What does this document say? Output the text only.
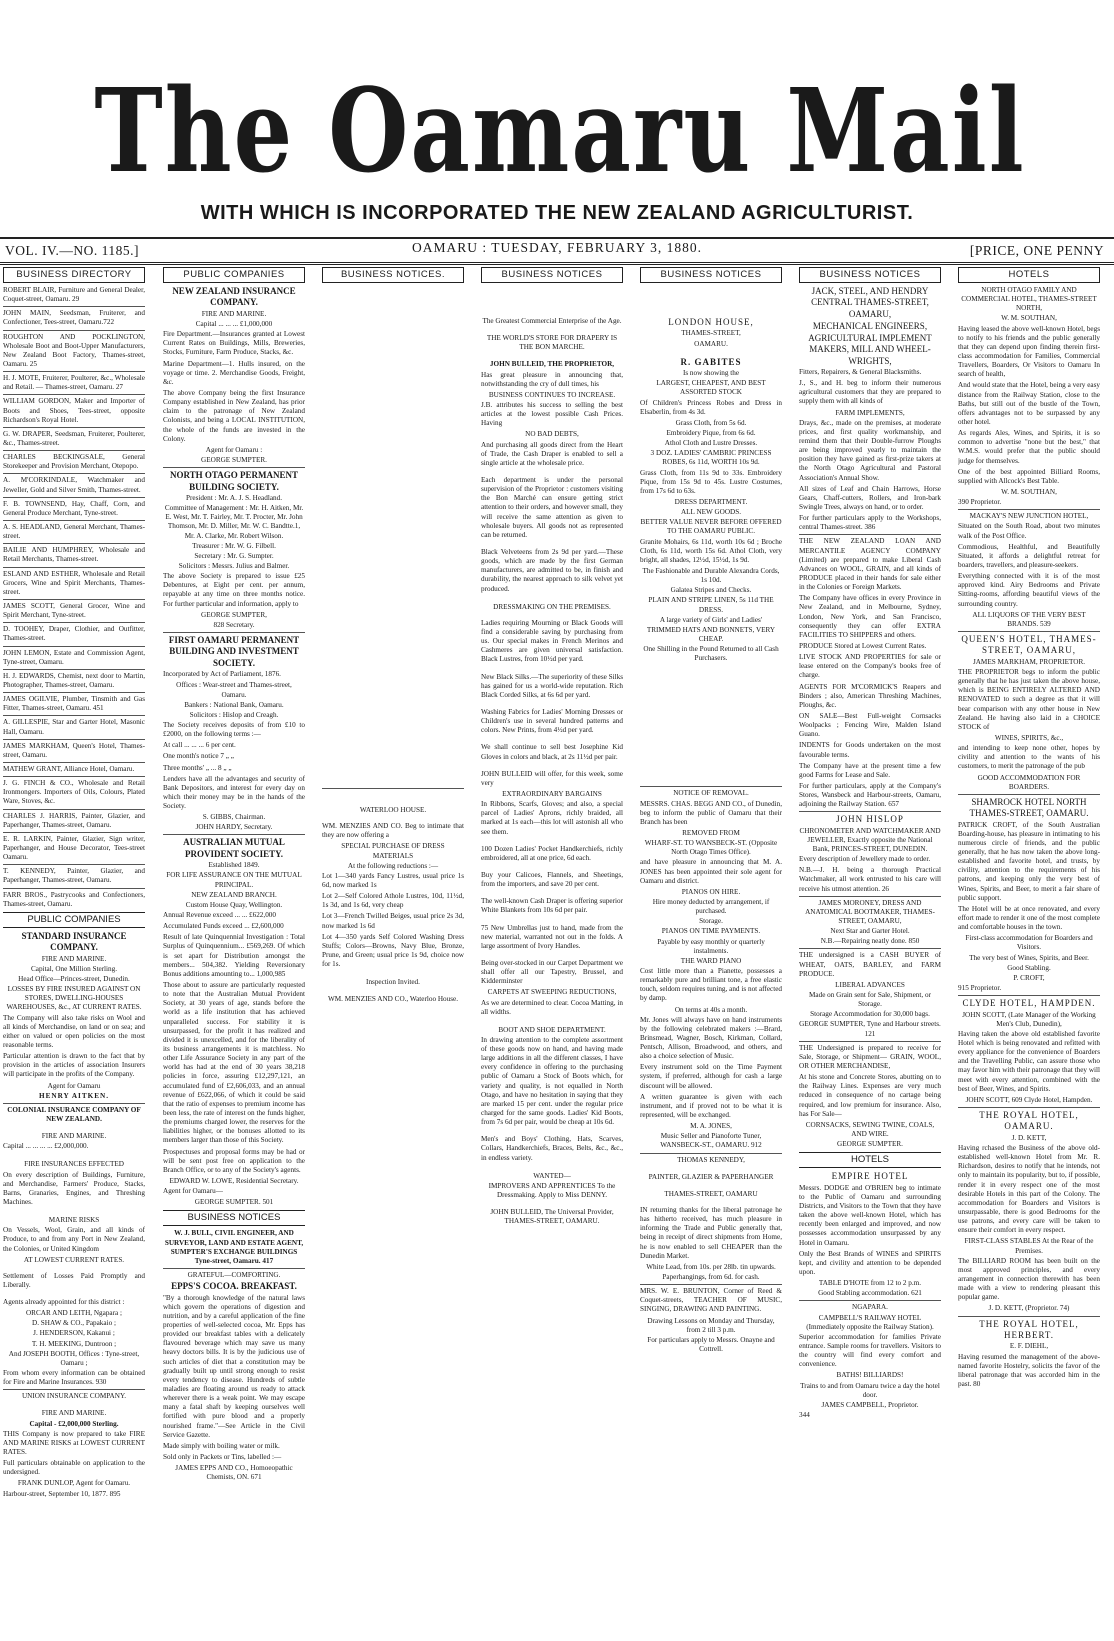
The Oamaru Mail
WITH WHICH IS INCORPORATED THE NEW ZEALAND AGRICULTURIST.
VOL. IV.—NO. 1185.]	OAMARU : TUESDAY, FEBRUARY 3, 1880.	[PRICE, ONE PENNY
BUSINESS DIRECTORY
ROBERT BLAIR, Furniture and General Dealer, Coquet-street, Oamaru. 29
JOHN MAIN, Seedsman, Fruiterer, and Confectioner, Tees-street, Oamaru.722
ROUGHTON AND POCKLINGTON, Wholesale Boot and Boot-Upper Manufacturers, New Zealand Boot Factory, Thames-street, Oamaru. 25
H. J. MOTE, Fruiterer, Poulterer, &c., Wholesale and Retail. — Thames-street, Oamaru. 27
WILLIAM GORDON, Maker and Importer of Boots and Shoes, Tees-street, opposite Richardson's Royal Hotel.
G. W. DRAPER, Seedsman, Fruiterer, Poulterer, &c., Thames-street.
CHARLES BECKINGSALE, General Storekeeper and Provision Merchant, Otepopo.
A. M'CORKINDALE, Watchmaker and Jeweller, Gold and Silver Smith, Thames-street.
F. B. TOWNSEND, Hay, Chaff, Corn, and General Produce Merchant, Tyne-street.
A. S. HEADLAND, General Merchant, Thames-street.
BAILIE AND HUMPHREY, Wholesale and Retail Merchants, Thames-street.
ESLAND AND ESTHER, Wholesale and Retail Grocers, Wine and Spirit Merchants, Thames-street.
JAMES SCOTT, General Grocer, Wine and Spirit Merchant, Tyne-street.
D. TOOHEY, Draper, Clothier, and Outfitter, Thames-street.
JOHN LEMON, Estate and Commission Agent, Tyne-street, Oamaru.
H. J. EDWARDS, Chemist, next door to Martin, Photographer, Thames-street, Oamaru.
JAMES OGILVIE, Plumber, Tinsmith and Gas Fitter, Thames-street, Oamaru. 451
A. GILLESPIE, Star and Garter Hotel, Masonic Hall, Oamaru.
JAMES MARKHAM, Queen's Hotel, Thames-street, Oamaru.
MATHEW GRANT, Alliance Hotel, Oamaru.
J. G. FINCH & CO., Wholesale and Retail Ironmongers. Importers of Oils, Colours, Plated Ware, Stoves, &c.
CHARLES J. HARRIS, Painter, Glazier, and Paperhanger, Thames-street, Oamaru.
E. R. LARKIN, Painter, Glazier, Sign writer, Paperhanger, and House Decorator, Tees-street Oamaru.
T. KENNEDY, Painter, Glazier, and Paperhanger, Thames-street, Oamaru.
FARR BROS., Pastrycooks and Confectioners, Thames-street, Oamaru.
PUBLIC COMPANIES
STANDARD INSURANCE COMPANY.
FIRE AND MARINE.
Capital, One Million Sterling.
Head Office—Princes-street, Dunedin.
LOSSES BY FIRE INSURED AGAINST ON STORES, DWELLING-HOUSES WAREHOUSES, &c., AT CURRENT RATES.
The Company will also take risks on Wool and all kinds of Merchandise, on land or on sea; and either on valued or open policies on the most reasonable terms.
Particular attention is drawn to the fact that by provision in the articles of association Insurers will participate in the profits of the Company.
Agent for Oamaru
HENRY AITKEN.
COLONIAL INSURANCE COMPANY OF NEW ZEALAND.
FIRE AND MARINE.
Capital ... ... ... ... £2,000,000.
FIRE INSURANCES EFFECTED
On every description of Buildings, Furniture, and Merchandise, Farmers' Produce, Stacks, Barns, Granaries, Engines, and Threshing Machines.
MARINE RISKS
On Vessels, Wool, Grain, and all kinds of Produce, to and from any Port in New Zealand, the Colonies, or United Kingdom
AT LOWEST CURRENT RATES.
Settlement of Losses Paid Promptly and Liberally.
Agents already appointed for this district :
ORCAR AND LEITH, Ngapara ;
D. SHAW & CO., Papakaio ;
J. HENDERSON, Kakanui ;
T. H. MEEKING, Duntroon ;
And JOSEPH BOOTH, Offices : Tyne-street, Oamaru ;
From whom every information can be obtained for Fire and Marine Insurances. 930
UNION INSURANCE COMPANY.
FIRE AND MARINE.
Capital - £2,000,000 Sterling.
THIS Company is now prepared to take FIRE AND MARINE RISKS at LOWEST CURRENT RATES.
Full particulars obtainable on application to the undersigned.
FRANK DUNLOP, Agent for Oamaru.
Harbour-street, September 10, 1877. 895
PUBLIC COMPANIES
NEW ZEALAND INSURANCE COMPANY.
FIRE AND MARINE.
Capital ... ... ... £1,000,000
Fire Department.—Insurances granted at Lowest Current Rates on Buildings, Mills, Breweries, Stocks, Furniture, Farm Produce, Stacks, &c.
Marine Department—1. Hulls insured, on the voyage or time. 2. Merchandise Goods, Freight, &c.
The above Company being the first Insurance Company established in New Zealand, has prior claim to the patronage of New Zealand Colonists, and being a LOCAL INSTITUTION, the whole of the funds are invested in the Colony.
Agent for Oamaru :
GEORGE SUMPTER.
NORTH OTAGO PERMANENT BUILDING SOCIETY.
President : Mr. A. J. S. Headland.
Committee of Management : Mr. H. Aitken, Mr. E. West, Mr. T. Fairley, Mr. T. Procter, Mr. John Thomson, Mr. D. Miller, Mr. W. C. Bandtte.1, Mr. A. Clarke, Mr. Robert Wilson.
Treasurer : Mr. W. G. Filbell.
Secretary : Mr. G. Sumpter.
Solicitors : Messrs. Julius and Balmer.
The above Society is prepared to issue £25 Debentures, at Eight per cent. per annum, repayable at any time on three months notice. For further particular and information, apply to
GEORGE SUMPTER,
828 Secretary.
FIRST OAMARU PERMANENT BUILDING AND INVESTMENT SOCIETY.
Incorporated by Act of Parliament, 1876.
Offices : Wear-street and Thames-street, Oamaru.
Bankers : National Bank, Oamaru.
Solicitors : Hislop and Creagh.
The Society receives deposits of from £10 to £2000, on the following terms :—
At call ... ... ... 6 per cent.
One month's notice 7 „ „
Three months' „ ... 8 „ „
Lenders have all the advantages and security of Bank Depositors, and interest for every day on which their money may be in the hands of the Society.
S. GIBBS, Chairman.
JOHN HARDY, Secretary.
AUSTRALIAN MUTUAL PROVIDENT SOCIETY.
Established 1849.
FOR LIFE ASSURANCE ON THE MUTUAL PRINCIPAL.
NEW ZEALAND BRANCH.
Custom House Quay, Wellington.
Annual Revenue exceed ... ... £622,000
Accumulated Funds exceed ... £2,600,000
Result of late Quinquennial Investigation : Total Surplus of Quinquennium... £569,269. Of which is set apart for Distribution amongst the members... 504,382. Yielding Reversionary Bonus additions amounting to... 1,000,985
Those about to assure are particularly requested to note that the Australian Mutual Provident Society, at 30 years of age, stands before the world as a life institution that has achieved unparalleled success. For stability it is unsurpassed, for the profit it has realized and divided it is unexcelled, and for the liberality of its business arrangements it is matchless. No other Life Assurance Society in any part of the world has had at the end of 30 years 38,218 policies in force, assuring £12,297,121, an accumulated fund of £2,606,033, and an annual revenue of £622,066, of which it could be said that the ratio of expenses to premium income has been less, the rate of interest on the funds higher, the premiums charged lower, the reserves for the liabilities higher, or the bonuses allotted to its members larger than those of this Society.
Prospectuses and proposal forms may be had or will be sent post free on application to the Branch Office, or to any of the Society's agents.
EDWARD W. LOWE, Residential Secretary.
Agent for Oamaru—
GEORGE SUMPTER. 501
BUSINESS NOTICES
W. J. BULL, CIVIL ENGINEER, AND SURVEYOR, LAND AND ESTATE AGENT, SUMPTER'S EXCHANGE BUILDINGS Tyne-street, Oamaru. 417
GRATEFUL—COMFORTING.
EPPS'S COCOA. BREAKFAST.
"By a thorough knowledge of the natural laws which govern the operations of digestion and nutrition, and by a careful application of the fine properties of well-selected cocoa, Mr. Epps has provided our breakfast tables with a delicately flavoured beverage which may save us many heavy doctors bills. It is by the judicious use of such articles of diet that a constitution may be gradually built up until strong enough to resist every tendency to disease. Hundreds of subtle maladies are floating around us ready to attack wherever there is a weak point. We may escape many a fatal shaft by keeping ourselves well fortified with pure blood and a properly nourished frame."—See Article in the Civil Service Gazette.
Made simply with boiling water or milk.
Sold only in Packets or Tins, labelled :—
JAMES EPPS AND CO., Homoeopathic Chemists, ON. 671
BUSINESS NOTICES.
WATERLOO HOUSE.
WM. MENZIES AND CO. Beg to intimate that they are now offering a
SPECIAL PURCHASE OF DRESS MATERIALS
At the following reductions :—
Lot 1—340 yards Fancy Lustres, usual price 1s 6d, now marked 1s
Lot 2—Self Colored Athole Lustres, 10d, 11½d, 1s 3d, and 1s 6d, very cheap
Lot 3—French Twilled Beiges, usual price 2s 3d, now marked 1s 6d
Lot 4—350 yards Self Colored Washing Dress Stuffs; Colors—Browns, Navy Blue, Bronze, Prune, and Green; usual price 1s 9d, choice now for 1s.
Inspection Invited.
WM. MENZIES AND CO., Waterloo House.
BUSINESS NOTICES
The Greatest Commercial Enterprise of the Age.
THE WORLD'S STORE FOR DRAPERY IS THE BON MARCHE.
JOHN BULLEID, THE PROPRIETOR,
Has great pleasure in announcing that, notwithstanding the cry of dull times, his
BUSINESS CONTINUES TO INCREASE.
J.B. attributes his success to selling the best articles at the lowest possible Cash Prices. Having
NO BAD DEBTS,
And purchasing all goods direct from the Heart of Trade, the Cash Draper is enabled to sell a single article at the wholesale price.
Each department is under the personal supervision of the Proprietor : customers visiting the Bon Marché can ensure getting strict attention to their orders, and however small, they will receive the same attention as given to wholesale buyers. All goods not as represented can be returned.
Black Velveteens from 2s 9d per yard.—These goods, which are made by the first German manufacturers, are admitted to be, in finish and durability, the nearest approach to silk velvet yet produced.
DRESSMAKING ON THE PREMISES.
Ladies requiring Mourning or Black Goods will find a considerable saving by purchasing from us. Our special makes in French Merinos and Cashmeres are given universal satisfaction. Black Lustres, from 10½d per yard.
New Black Silks.—The superiority of these Silks has gained for us a world-wide reputation. Rich Black Corded Silks, at 6s 6d per yard.
Washing Fabrics for Ladies' Morning Dresses or Children's use in several hundred patterns and colors. New Prints, from 4½d per yard.
We shall continue to sell best Josephine Kid Gloves in colors and black, at 2s 11½d per pair.
JOHN BULLEID will offer, for this week, some very
EXTRAORDINARY BARGAINS
In Ribbons, Scarfs, Gloves; and also, a special parcel of Ladies' Aprons, richly braided, all marked at 1s each—this lot will astonish all who see them.
100 Dozen Ladies' Pocket Handkerchiefs, richly embroidered, all at one price, 6d each.
Buy your Calicoes, Flannels, and Sheetings, from the importers, and save 20 per cent.
The well-known Cash Draper is offering superior White Blankets from 10s 6d per pair.
75 New Umbrellas just to hand, made from the new material, warranted not out in the folds. A large assortment of Ivory Handles.
Being over-stocked in our Carpet Department we shall offer all our Tapestry, Brussel, and Kidderminster
CARPETS AT SWEEPING REDUCTIONS,
As we are determined to clear. Cocoa Matting, in all widths.
BOOT AND SHOE DEPARTMENT.
In drawing attention to the complete assortment of these goods now on hand, and having made large additions in all the different classes, I have every confidence in offering to the purchasing public of Oamaru a Stock of Boots which, for variety and quality, is not equalled in North Otago, and have no hesitation in saying that they are marked 15 per cent. under the regular price charged for the same goods. Ladies' Kid Boots, from 7s 6d per pair, would be cheap at 10s 6d.
Men's and Boys' Clothing, Hats, Scarves, Collars, Handkerchiefs, Braces, Belts, &c., &c., in endless variety.
WANTED—
IMPROVERS AND APPRENTICES To the Dressmaking. Apply to Miss DENNY.
JOHN BULLEID, The Universal Provider, THAMES-STREET, OAMARU.
BUSINESS NOTICES
LONDON HOUSE,
THAMES-STREET,
OAMARU.
R. GABITES
Is now showing the
LARGEST, CHEAPEST, AND BEST ASSORTED STOCK
Of Children's Princess Robes and Dress in Elsaberlin, from 4s 3d.
Grass Cloth, from 5s 6d.
Embroidery Pique, from 6s 6d.
Athol Cloth and Lustre Dresses.
3 DOZ. LADIES' CAMBRIC PRINCESS ROBES, 6s 11d, WORTH 10s 9d.
Grass Cloth, from 11s 9d to 33s. Embroidery Pique, from 15s 9d to 45s. Lustre Costumes, from 17s 6d to 63s.
DRESS DEPARTMENT.
ALL NEW GOODS.
BETTER VALUE NEVER BEFORE OFFERED TO THE OAMARU PUBLIC.
Granite Mohairs, 6s 11d, worth 10s 6d ; Broche Cloth, 6s 11d, worth 15s 6d. Athol Cloth, very bright, all shades, 12½d, 15½d, 1s 9d.
The Fashionable and Durable Alexandra Cords, 1s 10d.
Galatea Stripes and Checks.
PLAIN AND STRIPE LINEN, 5s 11d THE DRESS.
A large variety of Girls' and Ladies'
TRIMMED HATS AND BONNETS, VERY CHEAP.
One Shilling in the Pound Returned to all Cash Purchasers.
NOTICE OF REMOVAL.
MESSRS. CHAS. BEGG AND CO., of Dunedin, beg to inform the public of Oamaru that their Branch has been
REMOVED FROM
WHARF-ST. TO WANSBECK-ST. (Opposite North Otago Times Office).
and have pleasure in announcing that M. A. JONES has been appointed their sole agent for Oamaru and district.
PIANOS ON HIRE.
Hire money deducted by arrangement, if purchased.
Storage.
PIANOS ON TIME PAYMENTS.
Payable by easy monthly or quarterly instalments.
THE WARD PIANO
Cost little more than a Pianette, possesses a remarkably pure and brilliant tone, a free elastic touch, seldom requires tuning, and is not affected by damp.
On terms at 40s a month.
Mr. Jones will always have on hand instruments by the following celebrated makers :—Brard, Brinsmead, Wagner, Bosch, Kirkman, Collard, Pentsch, Allison, Broadwood, and others, and also a choice selection of Music.
Every instrument sold on the Time Payment system, if preferred, although for cash a large discount will be allowed.
A written guarantee is given with each instrument, and if proved not to be what it is represented, will be exchanged.
M. A. JONES,
Music Seller and Pianoforte Tuner, WANSBECK-ST., OAMARU. 912
THOMAS KENNEDY,
PAINTER, GLAZIER & PAPERHANGER
THAMES-STREET, OAMARU
IN returning thanks for the liberal patronage he has hitherto received, has much pleasure in informing the Trade and Public generally that, being in receipt of direct shipments from Home, he is now enabled to sell CHEAPER than the Dunedin Market.
White Lead, from 10s. per 28lb. tin upwards.
Paperhangings, from 6d. for cash.
MRS. W. E. BRUNTON, Corner of Reed & Coquet-streets, TEACHER OF MUSIC, SINGING, DRAWING AND PAINTING.
Drawing Lessons on Monday and Thursday, from 2 till 3 p.m.
For particulars apply to Messrs. Onayne and Cottrell.
BUSINESS NOTICES
JACK, STEEL, AND HENDRY CENTRAL THAMES-STREET, OAMARU,
MECHANICAL ENGINEERS, AGRICULTURAL IMPLEMENT MAKERS, MILL AND WHEEL-WRIGHTS,
Fitters, Repairers, & General Blacksmiths.
J., S., and H. beg to inform their numerous agricultural customers that they are prepared to supply them with all kinds of
FARM IMPLEMENTS,
Drays, &c., made on the premises, at moderate prices, and first quality workmanship, and remind them that their Double-furrow Ploughs are being improved yearly to maintain the position they have gained as first-prize takers at the North Otago Agricultural and Pastoral Association's Annual Show.
All sizes of Leaf and Chain Harrows, Horse Gears, Chaff-cutters, Rollers, and Iron-bark Swingle Trees, always on hand, or to order.
For further particulars apply to the Workshops, central Thames-street. 386
THE NEW ZEALAND LOAN AND MERCANTILE AGENCY COMPANY (Limited) are prepared to make Liberal Cash Advances on WOOL, GRAIN, and all kinds of PRODUCE placed in their hands for sale either in the Colonies or Foreign Markets.
The Company have offices in every Province in New Zealand, and in Melbourne, Sydney, London, New York, and San Francisco, consequently they can offer EXTRA FACILITIES TO SHIPPERS and others.
PRODUCE Stored at Lowest Current Rates.
LIVE STOCK AND PROPERTIES for sale or lease entered on the Company's books free of charge.
AGENTS FOR M'CORMICK'S Reapers and Binders ; also, American Threshing Machines, Ploughs, &c.
ON SALE—Best Full-weight Cornsacks Woolpacks ; Fencing Wire, Malden Island Guano.
INDENTS for Goods undertaken on the most favourable terms.
The Company have at the present time a few good Farms for Lease and Sale.
For further particulars, apply at the Company's Stores, Wansbeck and Harbour-streets, Oamaru, adjoining the Railway Station. 657
JOHN HISLOP
CHRONOMETER AND WATCHMAKER AND JEWELLER, Exactly opposite the National Bank, PRINCES-STREET, DUNEDIN.
Every description of Jewellery made to order.
N.B.—J. H. being a thorough Practical Watchmaker, all work entrusted to his care will receive his utmost attention. 26
JAMES MORONEY, DRESS AND ANATOMICAL BOOTMAKER, THAMES-STREET, OAMARU,
Next Star and Garter Hotel.
N.B.—Repairing neatly done. 850
THE undersigned is a CASH BUYER of WHEAT, OATS, BARLEY, and FARM PRODUCE.
LIBERAL ADVANCES
Made on Grain sent for Sale, Shipment, or Storage.
Storage Accommodation for 30,000 bags.
GEORGE SUMPTER, Tyne and Harbour streets. 121
THE Undersigned is prepared to receive for Sale, Storage, or Shipment— GRAIN, WOOL, OR OTHER MERCHANDISE,
At his stone and Concrete Stores, abutting on to the Railway Lines. Expenses are very much reduced in consequence of no cartage being required, and low premium for insurance. Also, has For Sale—
CORNSACKS, SEWING TWINE, COALS, AND WIRE.
GEORGE SUMPTER.
HOTELS
EMPIRE HOTEL
Messrs. DODGE and O'BRIEN beg to intimate to the Public of Oamaru and surrounding Districts, and Visitors to the Town that they have taken the above well-known Hotel, which has recently been enlarged and improved, and now possesses accommodation unsurpassed by any Hotel in Oamaru.
Only the Best Brands of WINES and SPIRITS kept, and civility and attention to be depended upon.
TABLE D'HOTE from 12 to 2 p.m.
Good Stabling accommodation. 621
NGAPARA.
CAMPBELL'S RAILWAY HOTEL (Immediately opposite the Railway Station).
Superior accommodation for families Private entrance. Sample rooms for travellers. Visitors to the country will find every comfort and convenience.
BATHS! BILLIARDS!
Trains to and from Oamaru twice a day the hotel door.
JAMES CAMPBELL, Proprietor.
344
HOTELS
NORTH OTAGO FAMILY AND COMMERCIAL HOTEL, THAMES-STREET NORTH,
W. M. SOUTHAN,
Having leased the above well-known Hotel, begs to notify to his friends and the public generally that they can depend upon finding therein first-class accommodation for Families, Commercial Travellers, Boarders, Or Visitors to Oamaru In search of health,
And would state that the Hotel, being a very easy distance from the Railway Station, close to the Baths, but still out of the bustle of the Town, offers advantages not to be surpassed by any other hotel.
As regards Ales, Wines, and Spirits, it is so common to advertise "none but the best," that W.M.S. would prefer that the public should judge for themselves.
One of the best appointed Billiard Rooms, supplied with Allcock's Best Table.
W. M. SOUTHAN,
390 Proprietor.
MACKAY'S NEW JUNCTION HOTEL,
Situated on the South Road, about two minutes walk of the Post Office.
Commodious, Healthful, and Beautifully Situated, it affords a delightful retreat for boarders, travellers, and pleasure-seekers.
Everything connected with it is of the most approved kind. Airy Bedrooms and Private Sitting-rooms, affording beautiful views of the surrounding country.
ALL LIQUORS OF THE VERY BEST BRANDS. 539
QUEEN'S HOTEL, THAMES-STREET, OAMARU,
JAMES MARKHAM, PROPRIETOR.
THE PROPRIETOR begs to inform the public generally that he has just taken the above house, which is BEING ENTIRELY ALTERED AND RENOVATED to such a degree as that it will bear comparison with any other house in New Zealand. He having also laid in a CHOICE STOCK of
WINES, SPIRITS, &c.,
and intending to keep none other, hopes by civility and attention to the wants of his customers, to merit the patronage of the pub
GOOD ACCOMMODATION FOR BOARDERS.
SHAMROCK HOTEL NORTH THAMES-STREET, OAMARU.
PATRICK CROFT, of the South Australian Boarding-house, has pleasure in intimating to his numerous circle of friends, and the public generally, that he has now taken the above long-established and favorite hotel, and trusts, by civility, attention to the requirements of his patrons, and keeping only the very best of Wines, Spirits, and Beer, to merit a fair share of public support.
The Hotel will be at once renovated, and every effort made to render it one of the most complete and comfortable houses in the town.
First-class accommodation for Boarders and Visitors.
The very best of Wines, Spirits, and Beer.
Good Stabling.
P. CROFT,
915 Proprietor.
CLYDE HOTEL, HAMPDEN.
JOHN SCOTT, (Late Manager of the Working Men's Club, Dunedin),
Having taken the above old established favorite Hotel which is being renovated and refitted with every appliance for the convenience of Boarders and the Travelling Public, can assure those who may favor him with their patronage that they will meet with every attention, combined with the best of Beer, Wines, and Spirits.
JOHN SCOTT, 609 Clyde Hotel, Hampden.
THE ROYAL HOTEL, OAMARU.
J. D. KETT,
Having rchased the Business of the above old-established well-known Hotel from Mr. R. Richardson, desires to notify that he intends, not only to maintain its popularity, but to, if possible, render it in every respect one of the most desirable Hotels in this part of the Colony. The accommodation for Boarders and Visitors is unsurpassable, there is good Bedrooms for the use patrons, and every care will be taken to ensure their comfort in every respect.
FIRST-CLASS STABLES At the Rear of the Premises.
The BILLIARD ROOM has been built on the most approved principles, and every arrangement in connection therewith has been made with a view to rendering pleasant this popular game.
J. D. KETT, (Proprietor. 74)
THE ROYAL HOTEL, HERBERT.
E. F. DIEHL,
Having resumed the management of the above-named favorite Hostelry, solicits the favor of the liberal patronage that was accorded him in the past. 80
